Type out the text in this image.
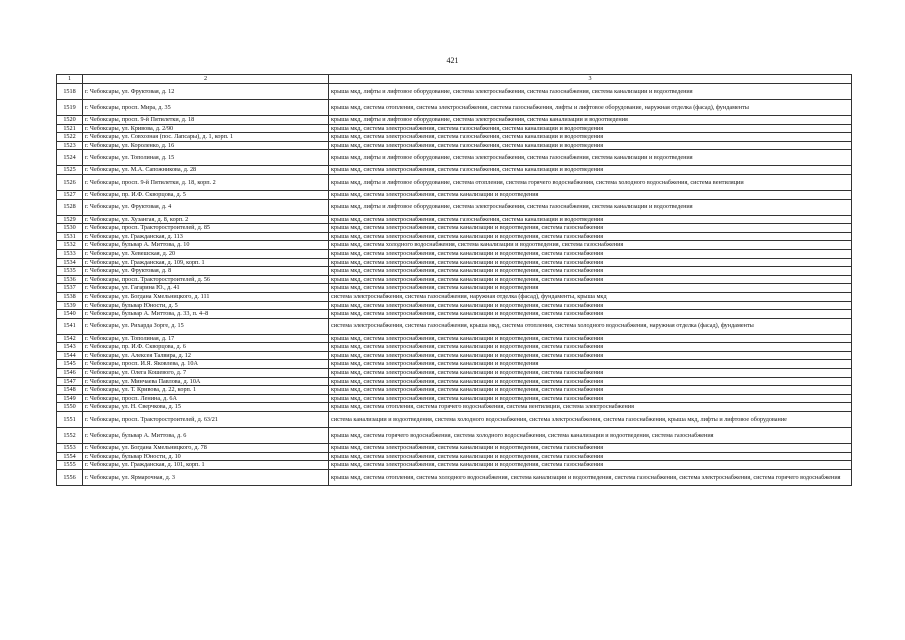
421
1	2	3
1518	г. Чебоксары, ул. Фруктовая, д. 12	крыша мкд, лифты и лифтовое оборудование, система электроснабжения, система газоснабжения, система канализации и водоотведения
1519	г. Чебоксары, просп. Мира, д. 35	крыша мкд, система отопления, система электроснабжения, система газоснабжения, лифты и лифтовое оборудование, наружная отделка (фасад), фундаменты
1520	г. Чебоксары, просп. 9-й Пятилетки, д. 18	крыша мкд, лифты и лифтовое оборудование, система электроснабжения, система канализации и водоотведения
1521	г. Чебоксары, ул. Кривова, д. 2/90	крыша мкд, система электроснабжения, система газоснабжения, система канализации и водоотведения
1522	г. Чебоксары, ул. Совхозная (пос. Лапсары), д. 1, корп. 1	крыша мкд, система электроснабжения, система газоснабжения, система канализации и водоотведения
1523	г. Чебоксары, ул. Короленко, д. 16	крыша мкд, система электроснабжения, система газоснабжения, система канализации и водоотведения
1524	г. Чебоксары, ул. Тополиная, д. 15	крыша мкд, лифты и лифтовое оборудование, система электроснабжения, система газоснабжения, система канализации и водоотведения
1525	г. Чебоксары, ул. М.А. Сапожникова, д. 28	крыша мкд, система электроснабжения, система газоснабжения, система канализации и водоотведения
1526	г. Чебоксары, просп. 9-й Пятилетки, д. 18, корп. 2	крыша мкд, лифты и лифтовое оборудование, система отопления, система горячего водоснабжения, система холодного водоснабжения, система вентиляции
1527	г. Чебоксары, пр. И.Ф. Скворцова, д. 5	крыша мкд, система электроснабжения, система канализации и водоотведения
1528	г. Чебоксары, ул. Фруктовая, д. 4	крыша мкд, лифты и лифтовое оборудование, система электроснабжения, система газоснабжения, система канализации и водоотведения
1529	г. Чебоксары, ул. Хузангая, д. 8, корп. 2	крыша мкд, система электроснабжения, система газоснабжения, система канализации и водоотведения
1530	г. Чебоксары, просп. Тракторостроителей, д. 85	крыша мкд, система электроснабжения, система канализации и водоотведения, система газоснабжения
1531	г. Чебоксары, ул. Гражданская, д. 113	крыша мкд, система электроснабжения, система канализации и водоотведения, система газоснабжения
1532	г. Чебоксары, бульвар А. Миттова, д. 10	крыша мкд, система холодного водоснабжения, система канализации и водоотведения, система газоснабжения
1533	г. Чебоксары, ул. Хевешская, д. 20	крыша мкд, система электроснабжения, система канализации и водоотведения, система газоснабжения
1534	г. Чебоксары, ул. Гражданская, д. 109, корп. 1	крыша мкд, система электроснабжения, система канализации и водоотведения, система газоснабжения
1535	г. Чебоксары, ул. Фруктовая, д. 8	крыша мкд, система электроснабжения, система канализации и водоотведения, система газоснабжения
1536	г. Чебоксары, просп. Тракторостроителей, д. 56	крыша мкд, система электроснабжения, система канализации и водоотведения, система газоснабжения
1537	г. Чебоксары, ул. Гагарина Ю., д. 41	крыша мкд, система электроснабжения, система канализации и водоотведения
1538	г. Чебоксары, ул. Богдана Хмельницкого, д. 111	система электроснабжения, система газоснабжения, наружная отделка (фасад), фундаменты, крыша мкд
1539	г. Чебоксары, бульвар Юности, д. 5	крыша мкд, система электроснабжения, система канализации и водоотведения, система газоснабжения
1540	г. Чебоксары, бульвар А. Миттова, д. 33, п. 4–8	крыша мкд, система электроснабжения, система канализации и водоотведения, система газоснабжения
1541	г. Чебоксары, ул. Рихарда Зорге, д. 15	система электроснабжения, система газоснабжения, крыша мкд, система отопления, система холодного водоснабжения, наружная отделка (фасад), фундаменты
1542	г. Чебоксары, ул. Тополиная, д. 17	крыша мкд, система электроснабжения, система канализации и водоотведения, система газоснабжения
1543	г. Чебоксары, пр. И.Ф. Скворцова, д. 6	крыша мкд, система электроснабжения, система канализации и водоотведения, система газоснабжения
1544	г. Чебоксары, ул. Алексея Талвира, д. 12	крыша мкд, система электроснабжения, система канализации и водоотведения, система газоснабжения
1545	г. Чебоксары, просп. И.Я. Яковлева, д. 10А	крыша мкд, система электроснабжения, система канализации и водоотведения
1546	г. Чебоксары, ул. Олега Кошевого, д. 7	крыша мкд, система электроснабжения, система канализации и водоотведения, система газоснабжения
1547	г. Чебоксары, ул. Минчаева Павлова, д. 10А	крыша мкд, система электроснабжения, система канализации и водоотведения, система газоснабжения
1548	г. Чебоксары, ул. Т. Кривова, д. 22, корп. 1	крыша мкд, система электроснабжения, система канализации и водоотведения, система газоснабжения
1549	г. Чебоксары, просп. Ленина, д. 6А	крыша мкд, система электроснабжения, система канализации и водоотведения, система газоснабжения
1550	г. Чебоксары, ул. Н. Сверчкова, д. 15	крыша мкд, система отопления, система горячего водоснабжения, система вентиляции, система электроснабжения
1551	г. Чебоксары, просп. Тракторостроителей, д. 63/21	система канализации и водоотведения, система холодного водоснабжения, система электроснабжения, система газоснабжения, крыша мкд, лифты и лифтовое оборудование
1552	г. Чебоксары, бульвар А. Миттова, д. 6	крыша мкд, система горячего водоснабжения, система холодного водоснабжения, система канализации и водоотведения, система газоснабжения
1553	г. Чебоксары, ул. Богдана Хмельницкого, д. 78	крыша мкд, система электроснабжения, система канализации и водоотведения, система газоснабжения
1554	г. Чебоксары, бульвар Юности, д. 10	крыша мкд, система электроснабжения, система канализации и водоотведения, система газоснабжения
1555	г. Чебоксары, ул. Гражданская, д. 101, корп. 1	крыша мкд, система электроснабжения, система канализации и водоотведения, система газоснабжения
1556	г. Чебоксары, ул. Ярмарочная, д. 3	крыша мкд, система отопления, система холодного водоснабжения, система канализации и водоотведения, система газоснабжения, система электроснабжения, система горячего водоснабжения
